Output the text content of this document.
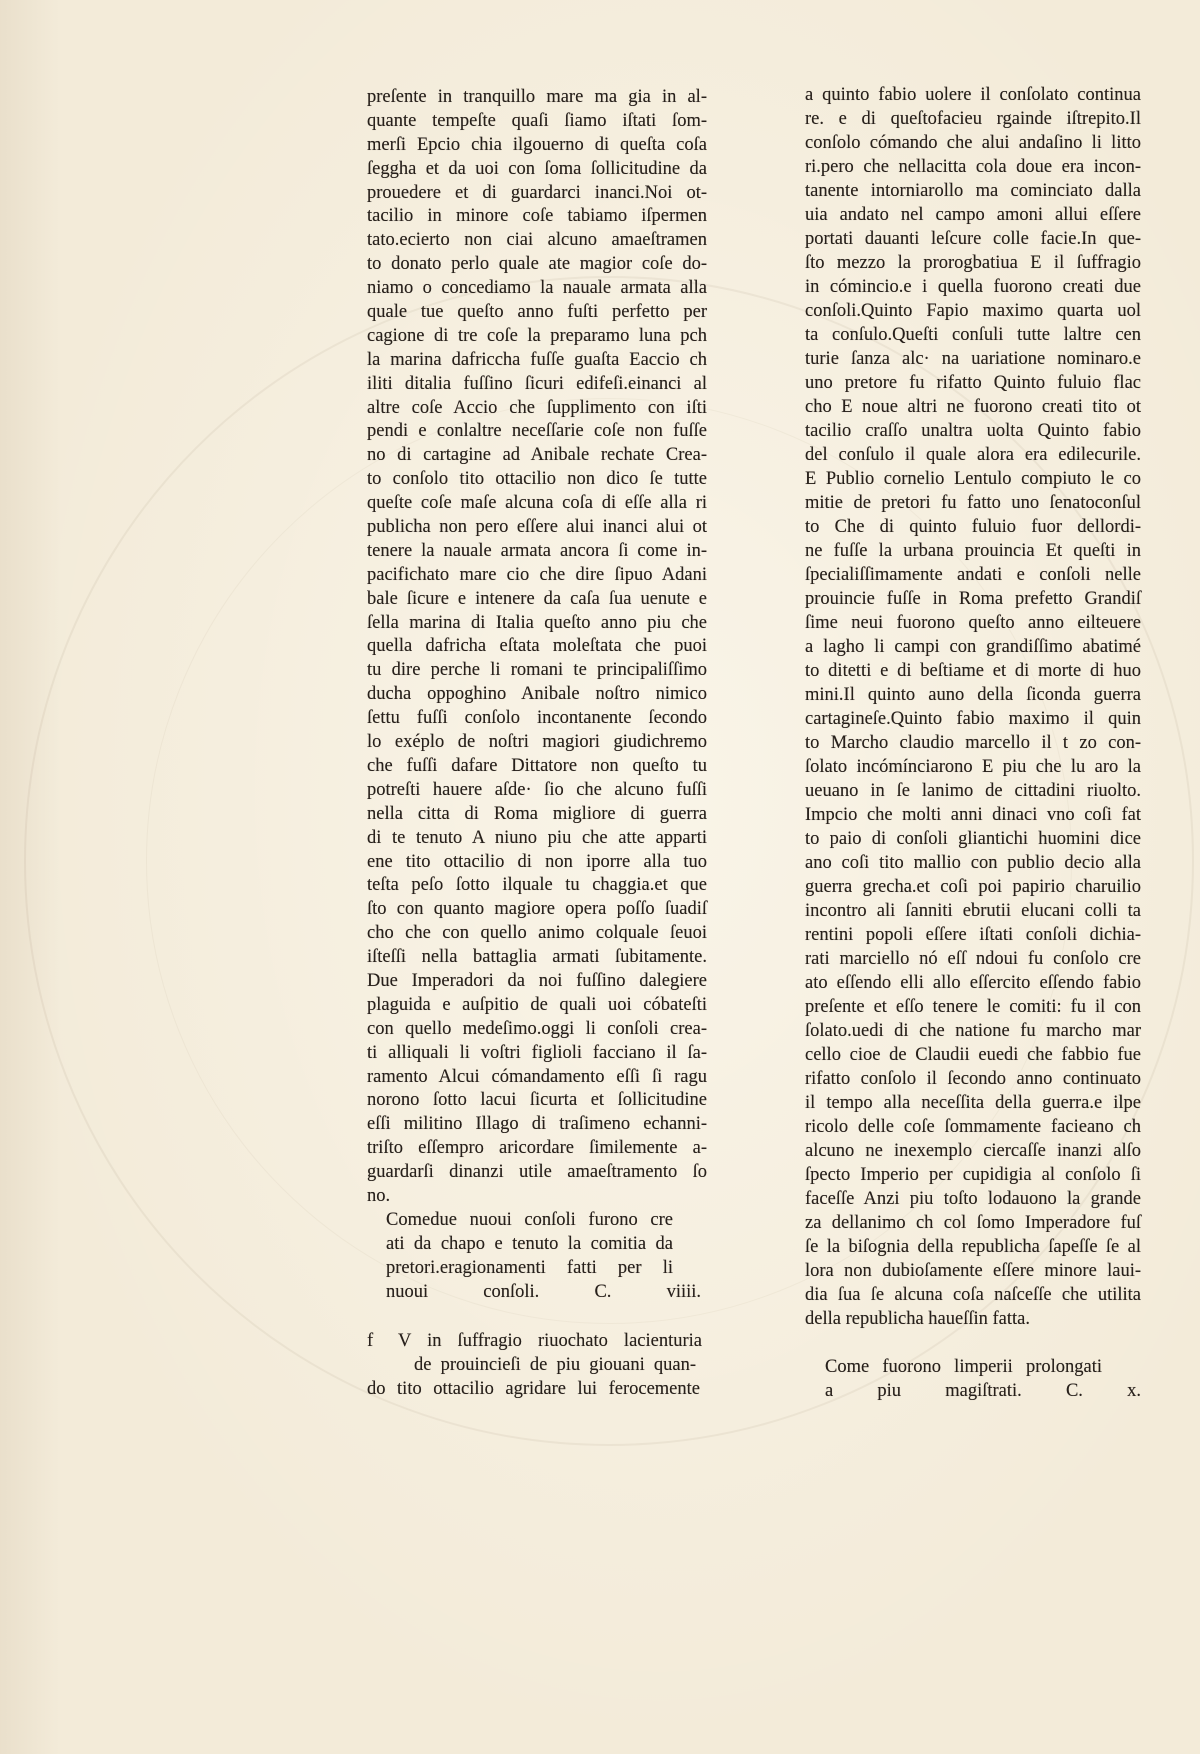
preſente in tranquillo mare ma gia in al-
quante tempeſte quaſi ſiamo iſtati ſom-
merſi Epcio chia ilgouerno di queſta coſa
ſeggha et da uoi con ſoma ſollicitudine da
prouedere et di guardarci inanci.Noi ot-
tacilio in minore coſe tabiamo iſpermen
tato.ecierto non ciai alcuno amaeſtramen
to donato perlo quale ate magior coſe do-
niamo o concediamo la nauale armata alla
quale tue queſto anno fuſti perfetto per
cagione di tre coſe la preparamo luna pch
la marina dafriccha fuſſe guaſta Eaccio ch
iliti ditalia fuſſino ſicuri edifeſi.einanci al
altre coſe Accio che ſupplimento con iſti
pendi e conlaltre neceſſarie coſe non fuſſe
no di cartagine ad Anibale rechate Crea-
to conſolo tito ottacilio non dico ſe tutte
queſte coſe maſe alcuna coſa di eſſe alla ri
publicha non pero eſſere alui inanci alui ot
tenere la nauale armata ancora ſi come in-
pacifichato mare cio che dire ſipuo Adani
bale ſicure e intenere da caſa ſua uenute e
ſella marina di Italia queſto anno piu che
quella dafricha eſtata moleſtata che puoi
tu dire perche li romani te principaliſſimo
ducha oppoghino Anibale noſtro nimico
ſettu fuſſi conſolo incontanente ſecondo
lo exéplo de noſtri magiori giudichremo
che fuſſi dafare Dittatore non queſto tu
potreſti hauere aſde· ſio che alcuno fuſſi
nella citta di Roma migliore di guerra
di te tenuto A niuno piu che atte apparti
ene tito ottacilio di non iporre alla tuo
teſta peſo ſotto ilquale tu chaggia.et que
ſto con quanto magiore opera poſſo ſuadiſ
cho che con quello animo colquale ſeuoi
iſteſſi nella battaglia armati ſubitamente.
Due Imperadori da noi fuſſino dalegiere
plaguida e auſpitio de quali uoi cóbateſti
con quello medeſimo.oggi li conſoli crea-
ti alliquali li voſtri figlioli facciano il ſa-
ramento Alcui cómandamento eſſi ſi ragu
norono ſotto lacui ſicurta et ſollicitudine
eſſi militino Illago di traſimeno echanni-
triſto eſſempro aricordare ſimilemente a-
guardarſi dinanzi utile amaeſtramento ſo
no.
Comedue nuoui conſoli furono cre
ati da chapo e tenuto la comitia da
pretori.eragionamenti fatti per li
nuoui conſoli. C. viiii.
f	V in ſuffragio riuochato lacienturia
de prouincieſi de piu giouani quan-
do tito ottacilio agridare lui ferocemente
a quinto fabio uolere il conſolato continua
re. e di queſtofacieu rgainde iſtrepito.Il
conſolo cómando che alui andaſino li litto
ri.pero che nellacitta cola doue era incon-
tanente intorniarollo ma cominciato dalla
uia andato nel campo amoni allui eſſere
portati dauanti leſcure colle facie.In que-
ſto mezzo la prorogbatiua E il ſuffragio
in cómincio.e i quella fuorono creati due
conſoli.Quinto Fapio maximo quarta uol
ta conſulo.Queſti conſuli tutte laltre cen
turie ſanza alc· na uariatione nominaro.e
uno pretore fu rifatto Quinto fuluio flac
cho E noue altri ne fuorono creati tito ot
tacilio craſſo unaltra uolta Quinto fabio
del conſulo il quale alora era edilecurile.
E Publio cornelio Lentulo compiuto le co
mitie de pretori fu fatto uno ſenatoconſul
to Che di quinto fuluio fuor dellordi-
ne fuſſe la urbana prouincia Et queſti in
ſpecialiſſimamente andati e conſoli nelle
prouincie fuſſe in Roma prefetto Grandiſ
ſime neui fuorono queſto anno eilteuere
a lagho li campi con grandiſſimo abatimé
to ditetti e di beſtiame et di morte di huo
mini.Il quinto auno della ſiconda guerra
cartagineſe.Quinto fabio maximo il quin
to Marcho claudio marcello il t zo con-
ſolato incómínciarono E piu che lu aro la
ueuano in ſe lanimo de cittadini riuolto.
Impcio che molti anni dinaci vno coſi fat
to paio di conſoli gliantichi huomini dice
ano coſi tito mallio con publio decio alla
guerra grecha.et coſi poi papirio charuilio
incontro ali ſanniti ebrutii elucani colli ta
rentini popoli eſſere iſtati conſoli dichia-
rati marciello nó eſſ ndoui fu conſolo cre
ato eſſendo elli allo eſſercito eſſendo fabio
preſente et eſſo tenere le comiti: fu il con
ſolato.uedi di che natione fu marcho mar
cello cioe de Claudii euedi che fabbio fue
rifatto conſolo il ſecondo anno continuato
il tempo alla neceſſita della guerra.e ilpe
ricolo delle coſe ſommamente facieano ch
alcuno ne inexemplo ciercaſſe inanzi alſo
ſpecto Imperio per cupidigia al conſolo ſi
faceſſe Anzi piu toſto lodauono la grande
za dellanimo ch col ſomo Imperadore fuſ
ſe la biſognia della republicha ſapeſſe ſe al
lora non dubioſamente eſſere minore laui-
dia ſua ſe alcuna coſa naſceſſe che utilita
della republicha haueſſin fatta.
Come fuorono limperii prolongati
a piu magiſtrati. C. x.
